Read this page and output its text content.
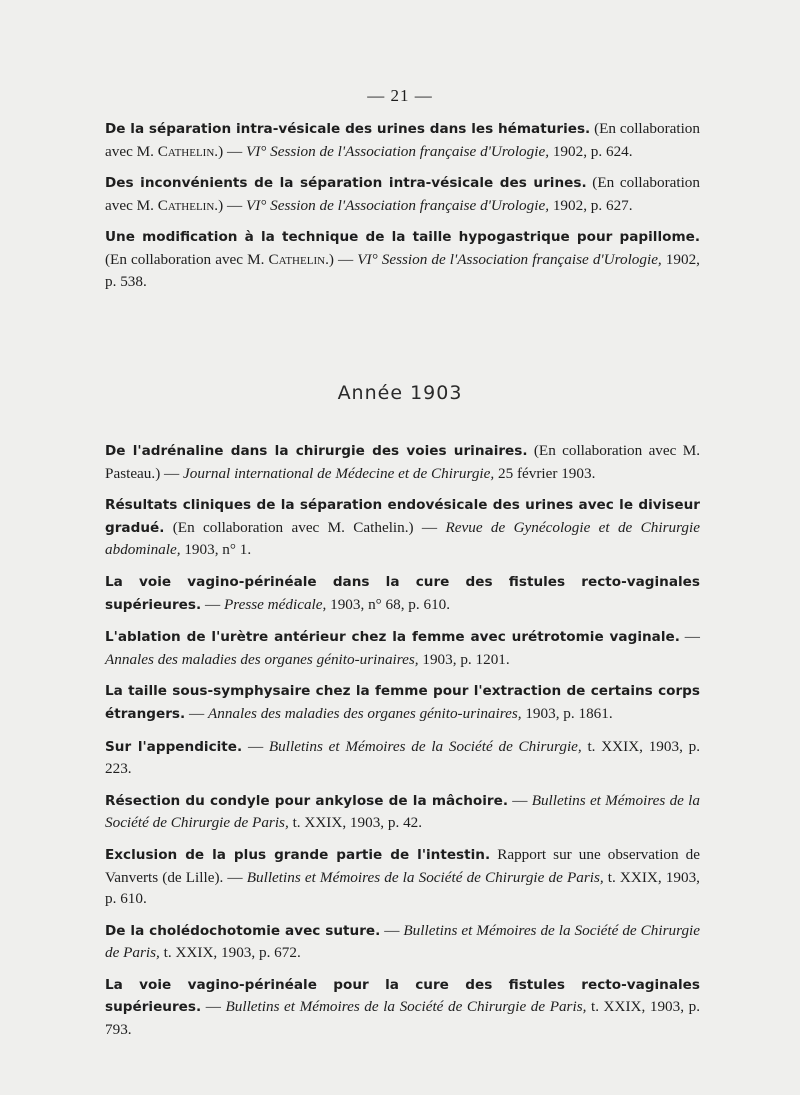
— 21 —

De la séparation intra-vésicale des urines dans les hématuries. (En collaboration avec M. Cathelin.) — VI° Session de l'Association française d'Urologie, 1902, p. 624.

Des inconvénients de la séparation intra-vésicale des urines. (En collaboration avec M. Cathelin.) — VI° Session de l'Association française d'Urologie, 1902, p. 627.

Une modification à la technique de la taille hypogastrique pour papillome. (En collaboration avec M. Cathelin.) — VI° Session de l'Association française d'Urologie, 1902, p. 538.

Année 1903

De l'adrénaline dans la chirurgie des voies urinaires. (En collaboration avec M. Pasteau.) — Journal international de Médecine et de Chirurgie, 25 février 1903.

Résultats cliniques de la séparation endovésicale des urines avec le diviseur gradué. (En collaboration avec M. Cathelin.) — Revue de Gynécologie et de Chirurgie abdominale, 1903, n° 1.

La voie vagino-périnéale dans la cure des fistules recto-vaginales supérieures. — Presse médicale, 1903, n° 68, p. 610.

L'ablation de l'urètre antérieur chez la femme avec urétrotomie vaginale. — Annales des maladies des organes génito-urinaires, 1903, p. 1201.

La taille sous-symphysaire chez la femme pour l'extraction de certains corps étrangers. — Annales des maladies des organes génito-urinaires, 1903, p. 1861.

Sur l'appendicite. — Bulletins et Mémoires de la Société de Chirurgie, t. XXIX, 1903, p. 223.

Résection du condyle pour ankylose de la mâchoire. — Bulletins et Mémoires de la Société de Chirurgie de Paris, t. XXIX, 1903, p. 42.

Exclusion de la plus grande partie de l'intestin. Rapport sur une observation de Vanverts (de Lille). — Bulletins et Mémoires de la Société de Chirurgie de Paris, t. XXIX, 1903, p. 610.

De la cholédochotomie avec suture. — Bulletins et Mémoires de la Société de Chirurgie de Paris, t. XXIX, 1903, p. 672.

La voie vagino-périnéale pour la cure des fistules recto-vaginales supérieures. — Bulletins et Mémoires de la Société de Chirurgie de Paris, t. XXIX, 1903, p. 793.
